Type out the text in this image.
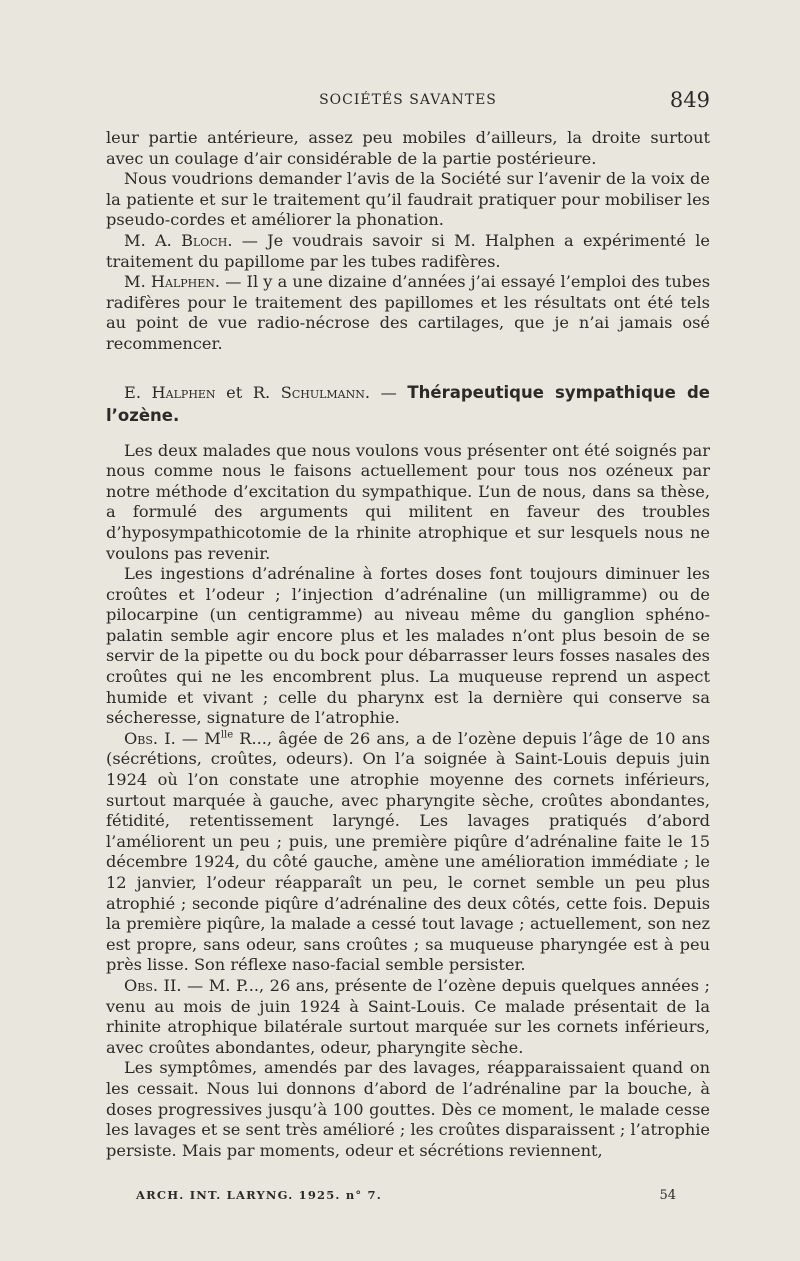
SOCIÉTÉS SAVANTES	849

leur partie antérieure, assez peu mobiles d’ailleurs, la droite surtout avec un coulage d’air considérable de la partie postérieure.

Nous voudrions demander l’avis de la Société sur l’avenir de la voix de la patiente et sur le traitement qu’il faudrait pratiquer pour mobiliser les pseudo-cordes et améliorer la phonation.

M. A. Bloch. — Je voudrais savoir si M. Halphen a expérimenté le traitement du papillome par les tubes radifères.

M. Halphen. — Il y a une dizaine d’années j’ai essayé l’emploi des tubes radifères pour le traitement des papillomes et les résultats ont été tels au point de vue radio-nécrose des cartilages, que je n’ai jamais osé recommencer.

E. Halphen et R. Schulmann. — Thérapeutique sympathique de l’ozène.

Les deux malades que nous voulons vous présenter ont été soignés par nous comme nous le faisons actuellement pour tous nos ozéneux par notre méthode d’excitation du sympathique. L’un de nous, dans sa thèse, a formulé des arguments qui militent en faveur des troubles d’hyposympathicotomie de la rhinite atrophique et sur lesquels nous ne voulons pas revenir.

Les ingestions d’adrénaline à fortes doses font toujours diminuer les croûtes et l’odeur ; l’injection d’adrénaline (un milligramme) ou de pilocarpine (un centigramme) au niveau même du ganglion sphéno-palatin semble agir encore plus et les malades n’ont plus besoin de se servir de la pipette ou du bock pour débarrasser leurs fosses nasales des croûtes qui ne les encombrent plus. La muqueuse reprend un aspect humide et vivant ; celle du pharynx est la dernière qui conserve sa sécheresse, signature de l’atrophie.

Obs. I. — $M^{lle}$ R..., âgée de 26 ans, a de l’ozène depuis l’âge de 10 ans (sécrétions, croûtes, odeurs). On l’a soignée à Saint-Louis depuis juin 1924 où l’on constate une atrophie moyenne des cornets inférieurs, surtout marquée à gauche, avec pharyngite sèche, croûtes abondantes, fétidité, retentissement laryngé. Les lavages pratiqués d’abord l’améliorent un peu ; puis, une première piqûre d’adrénaline faite le 15 décembre 1924, du côté gauche, amène une amélioration immédiate ; le 12 janvier, l’odeur réapparaît un peu, le cornet semble un peu plus atrophié ; seconde piqûre d’adrénaline des deux côtés, cette fois. Depuis la première piqûre, la malade a cessé tout lavage ; actuellement, son nez est propre, sans odeur, sans croûtes ; sa muqueuse pharyngée est à peu près lisse. Son réflexe naso-facial semble persister.

Obs. II. — M. P..., 26 ans, présente de l’ozène depuis quelques années ; venu au mois de juin 1924 à Saint-Louis. Ce malade présentait de la rhinite atrophique bilatérale surtout marquée sur les cornets inférieurs, avec croûtes abondantes, odeur, pharyngite sèche.

Les symptômes, amendés par des lavages, réapparaissaient quand on les cessait. Nous lui donnons d’abord de l’adrénaline par la bouche, à doses progressives jusqu’à 100 gouttes. Dès ce moment, le malade cesse les lavages et se sent très amélioré ; les croûtes disparaissent ; l’atrophie persiste. Mais par moments, odeur et sécrétions reviennent,

ARCH. INT. LARYNG. 1925. n° 7.	54
